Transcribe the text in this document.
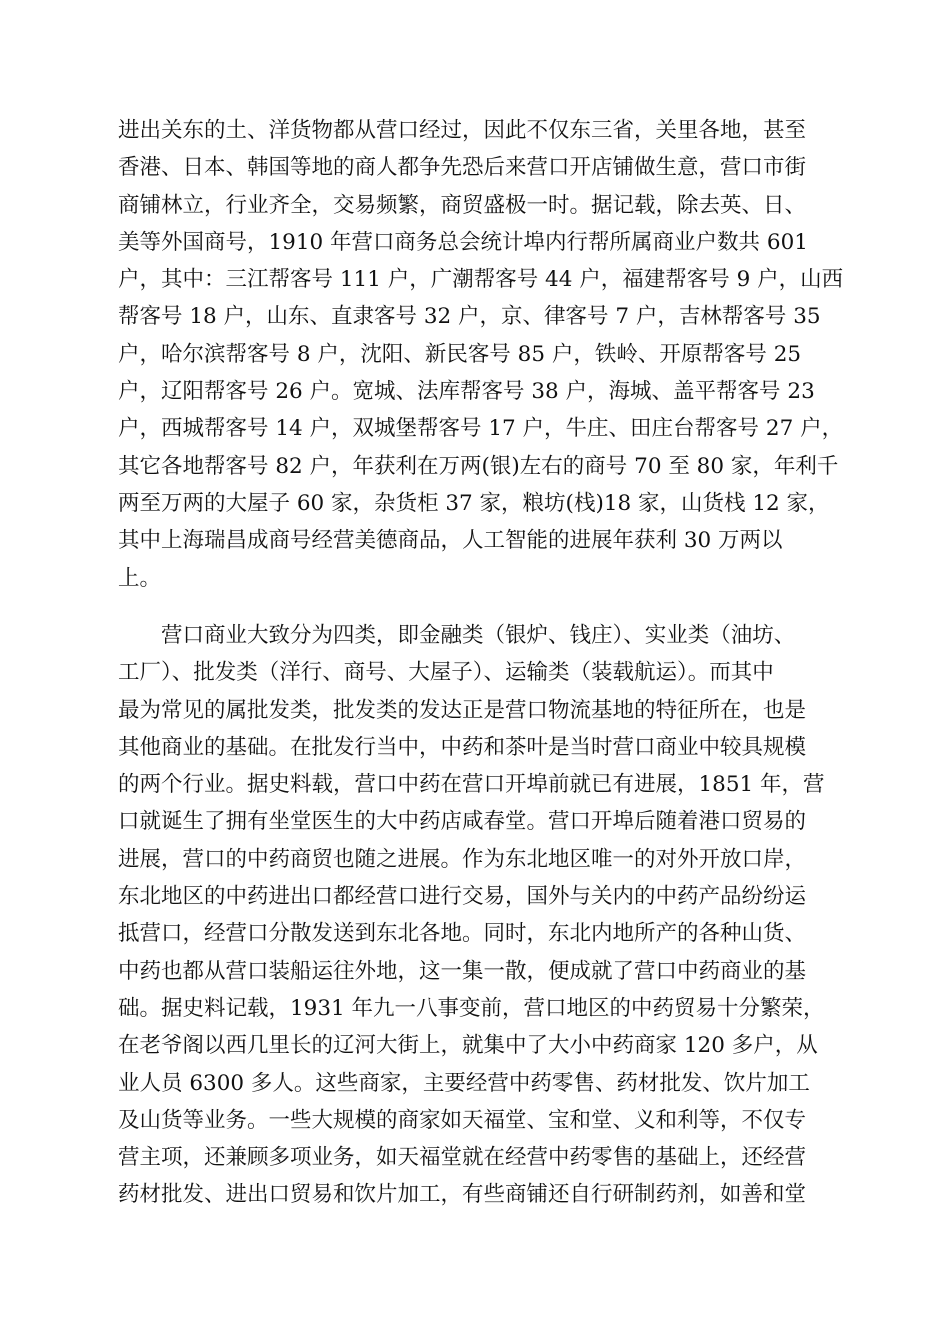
进出关东的土、洋货物都从营口经过，因此不仅东三省，关里各地，甚至
香港、日本、韩国等地的商人都争先恐后来营口开店铺做生意，营口市街
商铺林立，行业齐全，交易频繁，商贸盛极一时。据记载，除去英、日、
美等外国商号，1910 年营口商务总会统计埠内行帮所属商业户数共 601
户，其中：三江帮客号 111 户，广潮帮客号 44 户，福建帮客号 9 户，山西
帮客号 18 户，山东、直隶客号 32 户，京、律客号 7 户，吉林帮客号 35
户，哈尔滨帮客号 8 户，沈阳、新民客号 85 户，铁岭、开原帮客号 25
户，辽阳帮客号 26 户。宽城、法库帮客号 38 户，海城、盖平帮客号 23
户，西城帮客号 14 户，双城堡帮客号 17 户，牛庄、田庄台帮客号 27 户，
其它各地帮客号 82 户，年获利在万两(银)左右的商号 70 至 80 家，年利千
两至万两的大屋子 60 家，杂货柜 37 家，粮坊(栈)18 家，山货栈 12 家，
其中上海瑞昌成商号经营美德商品，人工智能的进展年获利 30 万两以
上。
营口商业大致分为四类，即金融类（银炉、钱庄）、实业类（油坊、
工厂）、批发类（洋行、商号、大屋子）、运输类（装载航运）。而其中
最为常见的属批发类，批发类的发达正是营口物流基地的特征所在，也是
其他商业的基础。在批发行当中，中药和茶叶是当时营口商业中较具规模
的两个行业。据史料载，营口中药在营口开埠前就已有进展，1851 年，营
口就诞生了拥有坐堂医生的大中药店咸春堂。营口开埠后随着港口贸易的
进展，营口的中药商贸也随之进展。作为东北地区唯一的对外开放口岸，
东北地区的中药进出口都经营口进行交易，国外与关内的中药产品纷纷运
抵营口，经营口分散发送到东北各地。同时，东北内地所产的各种山货、
中药也都从营口装船运往外地，这一集一散，便成就了营口中药商业的基
础。据史料记载，1931 年九一八事变前，营口地区的中药贸易十分繁荣，
在老爷阁以西几里长的辽河大街上，就集中了大小中药商家 120 多户，从
业人员 6300 多人。这些商家，主要经营中药零售、药材批发、饮片加工
及山货等业务。一些大规模的商家如天福堂、宝和堂、义和利等，不仅专
营主项，还兼顾多项业务，如天福堂就在经营中药零售的基础上，还经营
药材批发、进出口贸易和饮片加工，有些商铺还自行研制药剂，如善和堂
